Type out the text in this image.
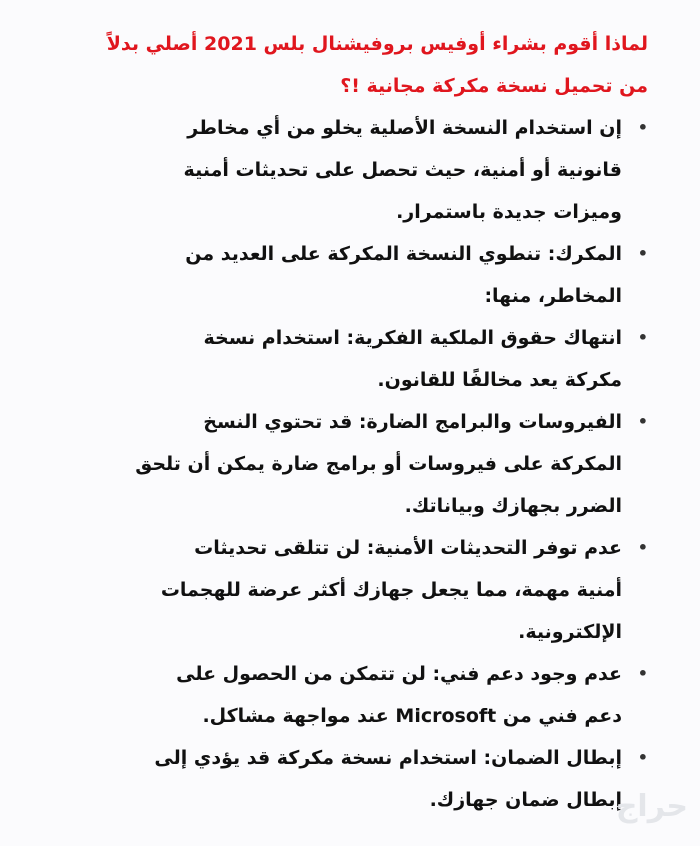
لماذا أقوم بشراء أوفيس بروفيشنال بلس 2021 أصلي بدلاً
من تحميل نسخة مكركة مجانية !؟
•
إن استخدام النسخة الأصلية يخلو من أي مخاطر
قانونية أو أمنية، حيث تحصل على تحديثات أمنية
وميزات جديدة باستمرار.
•
المكرك: تنطوي النسخة المكركة على العديد من
المخاطر، منها:
•
انتهاك حقوق الملكية الفكرية: استخدام نسخة
مكركة يعد مخالفًا للقانون.
•
الفيروسات والبرامج الضارة: قد تحتوي النسخ
المكركة على فيروسات أو برامج ضارة يمكن أن تلحق
الضرر بجهازك وبياناتك.
•
عدم توفر التحديثات الأمنية: لن تتلقى تحديثات
أمنية مهمة، مما يجعل جهازك أكثر عرضة للهجمات
الإلكترونية.
•
عدم وجود دعم فني: لن تتمكن من الحصول على
دعم فني من Microsoft عند مواجهة مشاكل.
•
إبطال الضمان: استخدام نسخة مكركة قد يؤدي إلى
إبطال ضمان جهازك.
حراج
